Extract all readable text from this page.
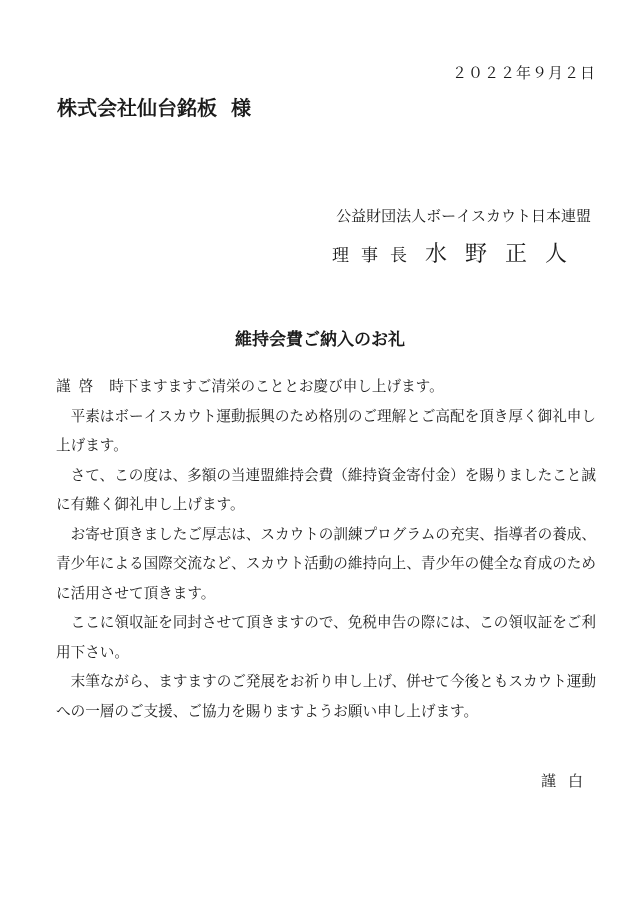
２０２２年９月２日
株式会社仙台銘板 様
公益財団法人ボーイスカウト日本連盟
理事長 水野正人
維持会費ご納入のお礼

謹啓 時下ますますご清栄のこととお慶び申し上げます。

平素はボーイスカウト運動振興のため格別のご理解とご高配を頂き厚く御礼申し上げます。

さて、この度は、多額の当連盟維持会費（維持資金寄付金）を賜りましたこと誠に有難く御礼申し上げます。

お寄せ頂きましたご厚志は、スカウトの訓練プログラムの充実、指導者の養成、青少年による国際交流など、スカウト活動の維持向上、青少年の健全な育成のために活用させて頂きます。

ここに領収証を同封させて頂きますので、免税申告の際には、この領収証をご利用下さい。

末筆ながら、ますますのご発展をお祈り申し上げ、併せて今後ともスカウト運動への一層のご支援、ご協力を賜りますようお願い申し上げます。

謹白
